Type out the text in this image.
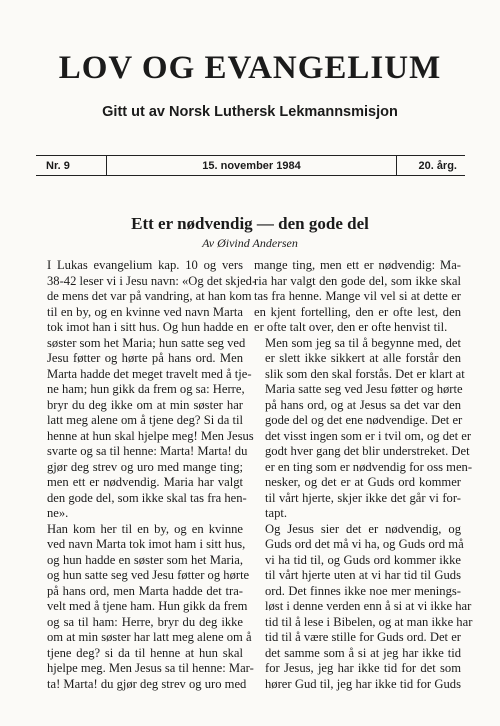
LOV OG EVANGELIUM

Gitt ut av Norsk Luthersk Lekmannsmisjon

Nr. 9	15. november 1984	20. årg.
Ett er nødvendig — den gode del

Av Øivind Andersen

I Lukas evangelium kap. 10 og vers
38-42 leser vi i Jesu navn: «Og det skjed-
de mens det var på vandring, at han kom
til en by, og en kvinne ved navn Marta
tok imot han i sitt hus. Og hun hadde en
søster som het Maria; hun satte seg ved
Jesu føtter og hørte på hans ord. Men
Marta hadde det meget travelt med å tje-
ne ham; hun gikk da frem og sa: Herre,
bryr du deg ikke om at min søster har
latt meg alene om å tjene deg? Si da til
henne at hun skal hjelpe meg! Men Jesus
svarte og sa til henne: Marta! Marta! du
gjør deg strev og uro med mange ting;
men ett er nødvendig. Maria har valgt
den gode del, som ikke skal tas fra hen-
ne».

Han kom her til en by, og en kvinne
ved navn Marta tok imot ham i sitt hus,
og hun hadde en søster som het Maria,
og hun satte seg ved Jesu føtter og hørte
på hans ord, men Marta hadde det tra-
velt med å tjene ham. Hun gikk da frem
og sa til ham: Herre, bryr du deg ikke
om at min søster har latt meg alene om å
tjene deg? si da til henne at hun skal
hjelpe meg. Men Jesus sa til henne: Mar-
ta! Marta! du gjør deg strev og uro med

mange ting, men ett er nødvendig: Ma-
ria har valgt den gode del, som ikke skal
tas fra henne. Mange vil vel si at dette er
en kjent fortelling, den er ofte lest, den
er ofte talt over, den er ofte henvist til.

Men som jeg sa til å begynne med, det
er slett ikke sikkert at alle forstår den
slik som den skal forstås. Det er klart at
Maria satte seg ved Jesu føtter og hørte
på hans ord, og at Jesus sa det var den
gode del og det ene nødvendige. Det er
det visst ingen som er i tvil om, og det er
godt hver gang det blir understreket. Det
er en ting som er nødvendig for oss men-
nesker, og det er at Guds ord kommer
til vårt hjerte, skjer ikke det går vi for-
tapt.

Og Jesus sier det er nødvendig, og
Guds ord det må vi ha, og Guds ord må
vi ha tid til, og Guds ord kommer ikke
til vårt hjerte uten at vi har tid til Guds
ord. Det finnes ikke noe mer menings-
løst i denne verden enn å si at vi ikke har
tid til å lese i Bibelen, og at man ikke har
tid til å være stille for Guds ord. Det er
det samme som å si at jeg har ikke tid
for Jesus, jeg har ikke tid for det som
hører Gud til, jeg har ikke tid for Guds
